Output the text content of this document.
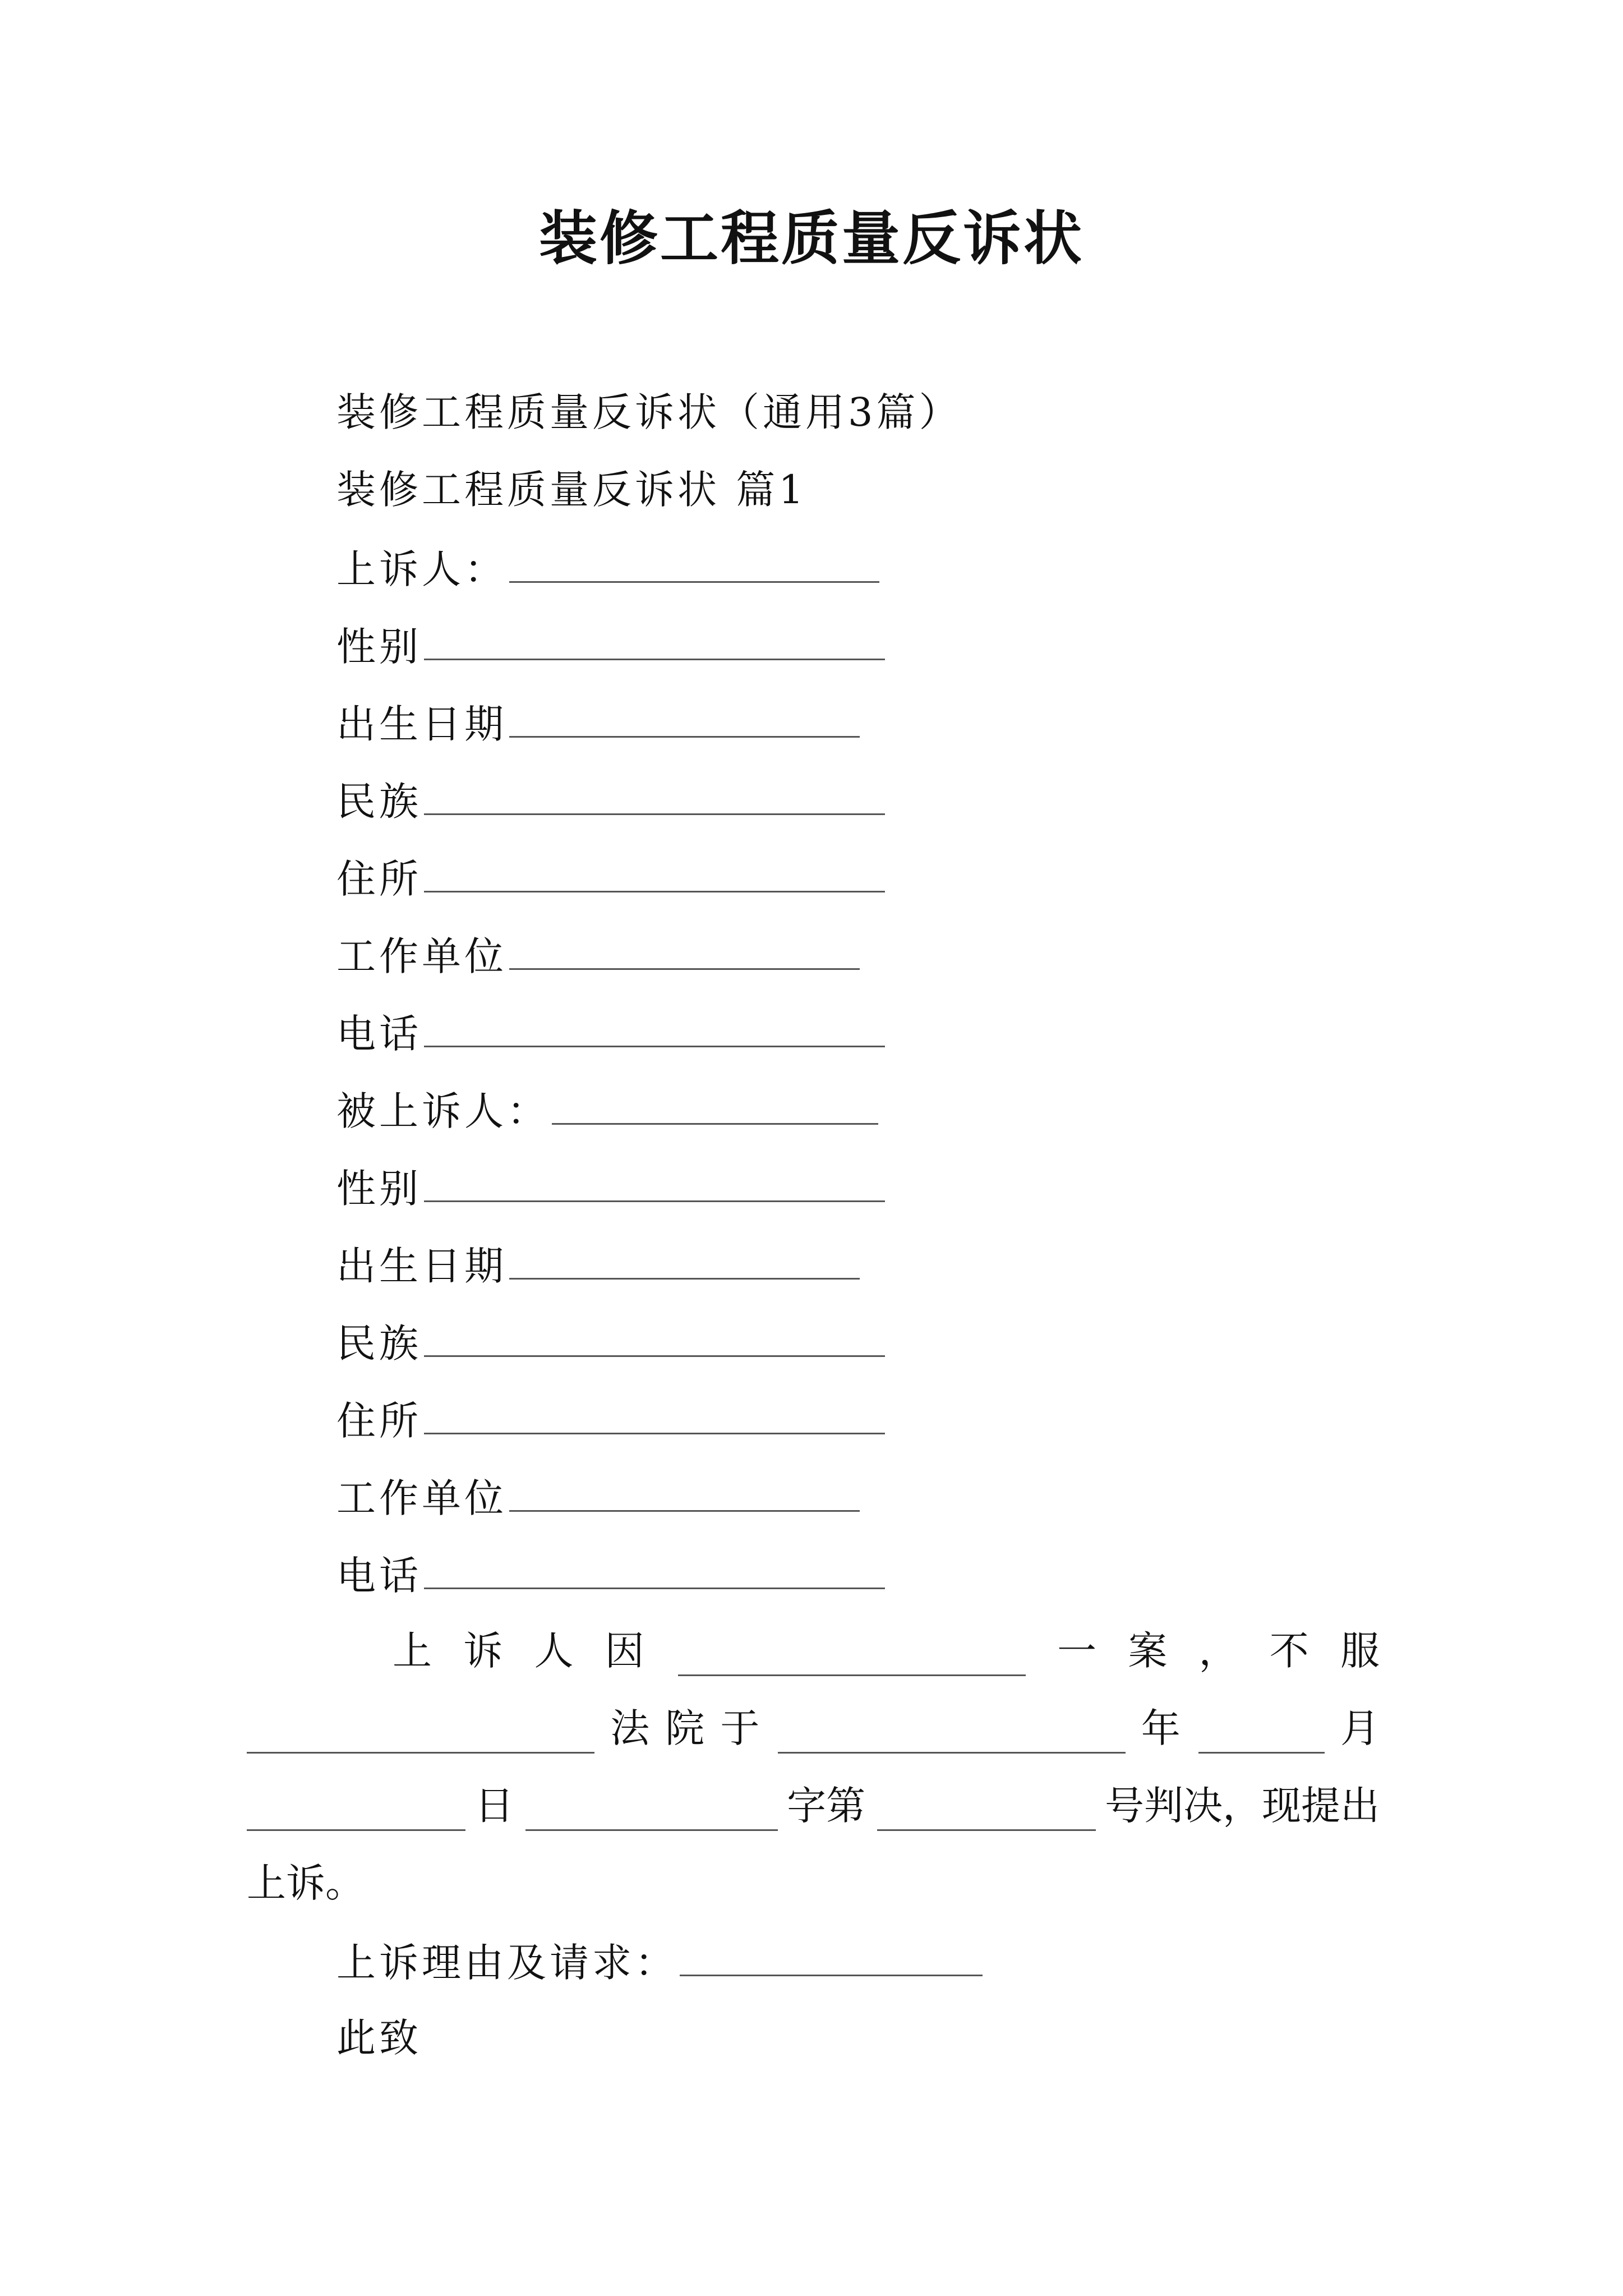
装修工程质量反诉状
装修工程质量反诉状（通用3篇）
装修工程质量反诉状 篇1
上诉人：
性别
出生日期
民族
住所
工作单位
电话
被上诉人：
性别
出生日期
民族
住所
工作单位
电话
上 诉 人 因	一 案 ， 不 服
法 院 于	年	月
日	字第	号判决，现提出
上诉。
上诉理由及请求：
此致
